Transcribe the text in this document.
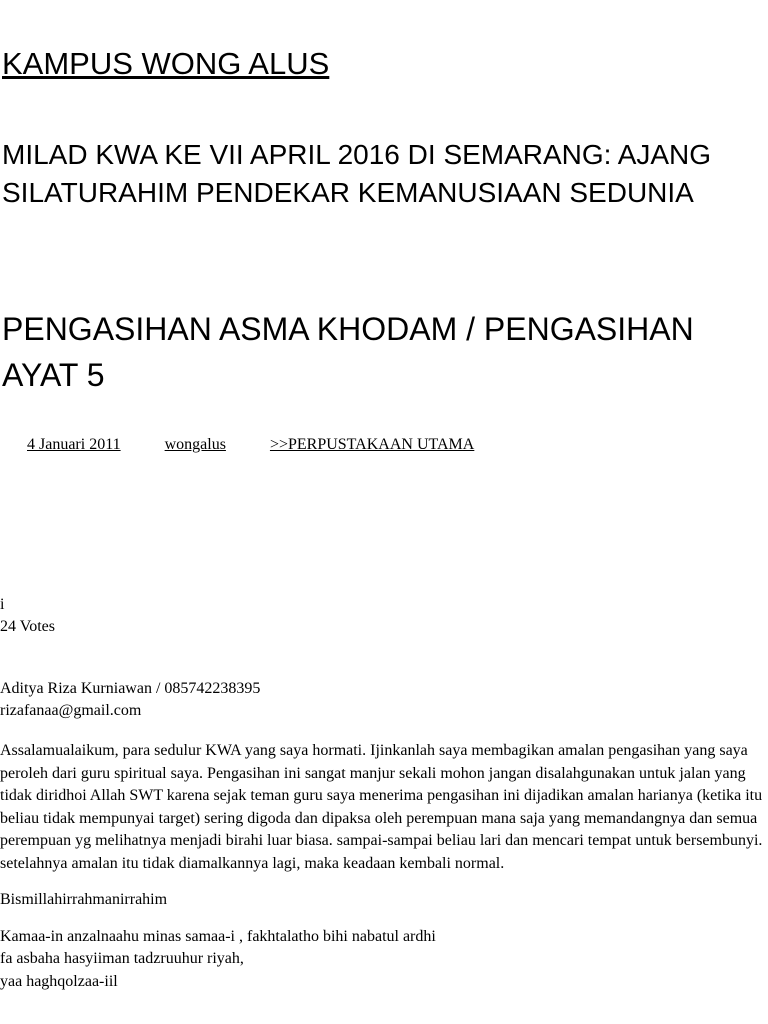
KAMPUS WONG ALUS
MILAD KWA KE VII APRIL 2016 DI SEMARANG: AJANG SILATURAHIM PENDEKAR KEMANUSIAAN SEDUNIA
PENGASIHAN ASMA KHODAM / PENGASIHAN AYAT 5
4 Januari 2011	wongalus	>>PERPUSTAKAAN UTAMA
i
24 Votes
Aditya Riza Kurniawan / 085742238395
rizafanaa@gmail.com

Assalamualaikum, para sedulur KWA yang saya hormati. Ijinkanlah saya membagikan amalan pengasihan yang saya peroleh dari guru spiritual saya. Pengasihan ini sangat manjur sekali mohon jangan disalahgunakan untuk jalan yang tidak diridhoi Allah SWT karena sejak teman guru saya menerima pengasihan ini dijadikan amalan harianya (ketika itu beliau tidak mempunyai target) sering digoda dan dipaksa oleh perempuan mana saja yang memandangnya dan semua perempuan yg melihatnya menjadi birahi luar biasa. sampai-sampai beliau lari dan mencari tempat untuk bersembunyi. setelahnya amalan itu tidak diamalkannya lagi, maka keadaan kembali normal.

Bismillahirrahmanirrahim

Kamaa-in anzalnaahu minas samaa-i , fakhtalatho bihi nabatul ardhi

fa asbaha hasyiiman tadzruuhur riyah,

yaa haghqolzaa-iil
